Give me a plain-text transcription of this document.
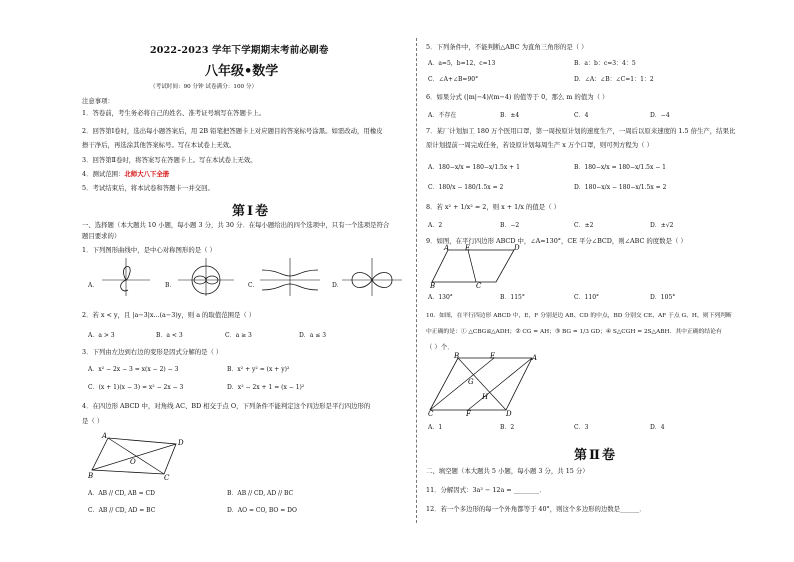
2022-2023 学年下学期期末考前必刷卷
八年级•数学
（考试时间：90 分钟 试卷满分：100 分）
注意事项：
1．答卷前，考生务必将自己的姓名、准考证号填写在答题卡上。
2．回答第Ⅰ卷时，选出每小题答案后，用 2B 铅笔把答题卡上对应题目的答案标号涂黑。如需改动，用橡皮
擦干净后，再选涂其他答案标号。写在本试卷上无效。
3．回答第Ⅱ卷时，将答案写在答题卡上。写在本试卷上无效。
4．测试范围：北师大八下全册
5．考试结束后，将本试卷和答题卡一并交回。
第Ⅰ卷
一、选择题（本大题共 10 小题，每小题 3 分，共 30 分．在每小题给出的四个选项中，只有一个选项是符合
题目要求的）
1．下列图形曲线中，是中心对称图形的是（ ）
A．	B．	C．	D．
2．若 x < y，且 |a−3|x...(a−3)y，则 a 的取值范围是（ ）
A．a > 3	B．a < 3	C．a ≥ 3	D．a ≤ 3
3．下列由左边到右边的变形是因式分解的是（ ）
A．x² − 2x − 3 = x(x − 2) − 3	B．x² + y² = (x + y)²
C．(x + 1)(x − 3) = x² − 2x − 3	D．x² − 2x + 1 = (x − 1)²
4．在四边形 ABCD 中，对角线 AC、BD 相交于点 O，下列条件不能判定这个四边形是平行四边形的
是（ ）
A
D
O
B	C
A．AB // CD, AB = CD	B．AB // CD, AD // BC
C．AB // CD, AD = BC	D．AO = CO, BO = DO
5．下列条件中，不能判断△ABC 为直角三角形的是（ ）
A．a=5，b=12，c=13	B．a：b：c=3：4：5
C．∠A+∠B=90°	D．∠A：∠B：∠C=1：1：2
6．如果分式 (|m|−4)/(m−4) 的值等于 0，那么 m 的值为（ ）
A．不存在	B．±4	C．4	D．−4
7．某厂计划加工 180 万个医用口罩，第一周按原计划的速度生产，一周后以原来速度的 1.5 倍生产，结果比
原计划提前一周完成任务，若设原计划每周生产 x 万个口罩，则可列方程为（ ）
A．180−x/x = 180−x/1.5x + 1	B．180−x/x = 180−x/1.5x − 1
C．180/x − 180/1.5x = 2	D．180−x/x − 180−x/1.5x = 2
8．若 x² + 1/x² = 2，则 x + 1/x 的值是（ ）
A．2	B．−2	C．±2	D．±√2
9．如图，在平行四边形 ABCD 中，∠A=130°，CE 平分∠BCD，则∠ABC 的度数是（ ）
A E	D
B	C
A．130°	B．115°	C．110°	D．105°
10．如图，在平行四边形 ABCD 中，E，F 分别是边 AB、CD 的中点，BD 分别交 CE、AF 于点 G、H，则下列判断
中正确的是：① △CBG≌△ADH；② CG = AH；③ BG = 1/3 GD；④ S△CGH = 2S△ABH．其中正确的结论有
（ ）个．
B	E	A
G
H
C	F	D
A．1	B．2	C．3	D．4
第Ⅱ卷
二、填空题（本大题共 5 小题，每小题 3 分，共 15 分）
11．分解因式：3a² − 12a = ________．
12．若一个多边形的每一个外角都等于 40°，则这个多边形的边数是______．
